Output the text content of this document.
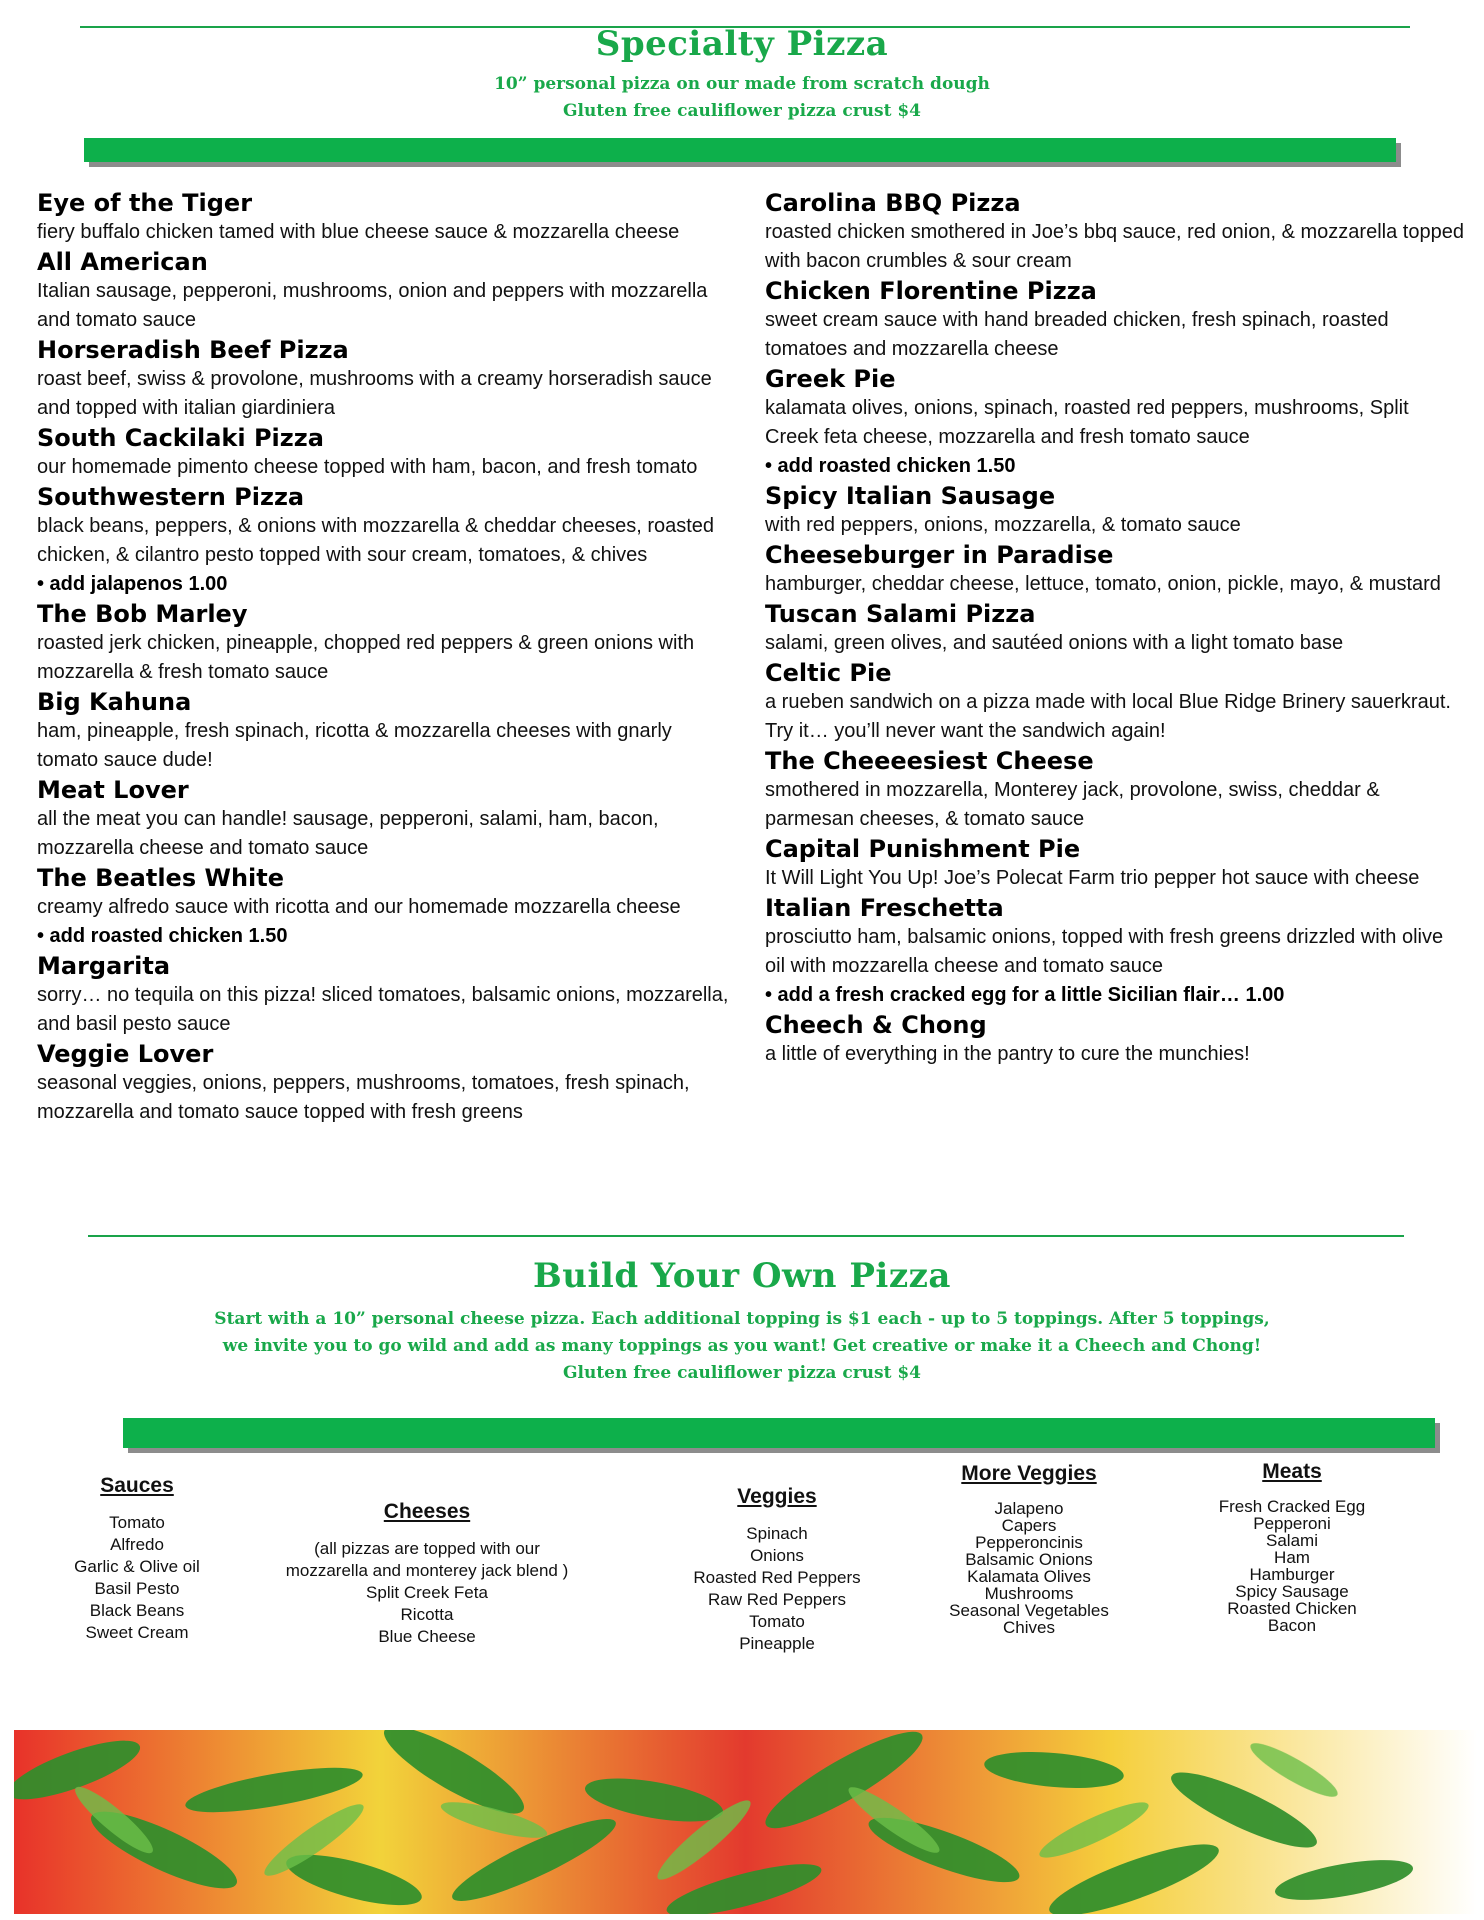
Specialty Pizza
10” personal pizza on our made from scratch dough
Gluten free cauliflower pizza crust $4
Eye of the Tiger
fiery buffalo chicken tamed with blue cheese sauce & mozzarella cheese
All American
Italian sausage, pepperoni, mushrooms, onion and peppers with mozzarella and tomato sauce
Horseradish Beef Pizza
roast beef, swiss & provolone, mushrooms with a creamy horseradish sauce and topped with italian giardiniera
South Cackilaki Pizza
our homemade pimento cheese topped with ham, bacon, and fresh tomato
Southwestern Pizza
black beans, peppers, & onions with mozzarella & cheddar cheeses, roasted chicken, & cilantro pesto topped with sour cream, tomatoes, & chives
• add jalapenos 1.00
The Bob Marley
roasted jerk chicken, pineapple, chopped red peppers & green onions with mozzarella & fresh tomato sauce
Big Kahuna
ham, pineapple, fresh spinach, ricotta & mozzarella cheeses with gnarly tomato sauce dude!
Meat Lover
all the meat you can handle! sausage, pepperoni, salami, ham, bacon, mozzarella cheese and tomato sauce
The Beatles White
creamy alfredo sauce with ricotta and our homemade mozzarella cheese
• add roasted chicken 1.50
Margarita
sorry… no tequila on this pizza! sliced tomatoes, balsamic onions, mozzarella, and basil pesto sauce
Veggie Lover
seasonal veggies, onions, peppers, mushrooms, tomatoes, fresh spinach, mozzarella and tomato sauce topped with fresh greens
Carolina BBQ Pizza
roasted chicken smothered in Joe’s bbq sauce, red onion, & mozzarella topped with bacon crumbles & sour cream
Chicken Florentine Pizza
sweet cream sauce with hand breaded chicken, fresh spinach, roasted tomatoes and mozzarella cheese
Greek Pie
kalamata olives, onions, spinach, roasted red peppers, mushrooms, Split Creek feta cheese, mozzarella and fresh tomato sauce
• add roasted chicken 1.50
Spicy Italian Sausage
with red peppers, onions, mozzarella, & tomato sauce
Cheeseburger in Paradise
hamburger, cheddar cheese, lettuce, tomato, onion, pickle, mayo, & mustard
Tuscan Salami Pizza
salami, green olives, and sautéed onions with a light tomato base
Celtic Pie
a rueben sandwich on a pizza made with local Blue Ridge Brinery sauerkraut. Try it… you’ll never want the sandwich again!
The Cheeeesiest Cheese
smothered in mozzarella, Monterey jack, provolone, swiss, cheddar & parmesan cheeses, & tomato sauce
Capital Punishment Pie
It Will Light You Up! Joe’s Polecat Farm trio pepper hot sauce with cheese
Italian Freschetta
prosciutto ham, balsamic onions, topped with fresh greens drizzled with olive oil with mozzarella cheese and tomato sauce
• add a fresh cracked egg for a little Sicilian flair… 1.00
Cheech & Chong
a little of everything in the pantry to cure the munchies!
Build Your Own Pizza
Start with a 10” personal cheese pizza. Each additional topping is $1 each - up to 5 toppings. After 5 toppings,
we invite you to go wild and add as many toppings as you want! Get creative or make it a Cheech and Chong!
Gluten free cauliflower pizza crust $4
Sauces
Tomato
Alfredo
Garlic & Olive oil
Basil Pesto
Black Beans
Sweet Cream
Cheeses
(all pizzas are topped with our
mozzarella and monterey jack blend )
Split Creek Feta
Ricotta
Blue Cheese
Veggies
Spinach
Onions
Roasted Red Peppers
Raw Red Peppers
Tomato
Pineapple
More Veggies
Jalapeno
Capers
Pepperoncinis
Balsamic Onions
Kalamata Olives
Mushrooms
Seasonal Vegetables
Chives
Meats
Fresh Cracked Egg
Pepperoni
Salami
Ham
Hamburger
Spicy Sausage
Roasted Chicken
Bacon
